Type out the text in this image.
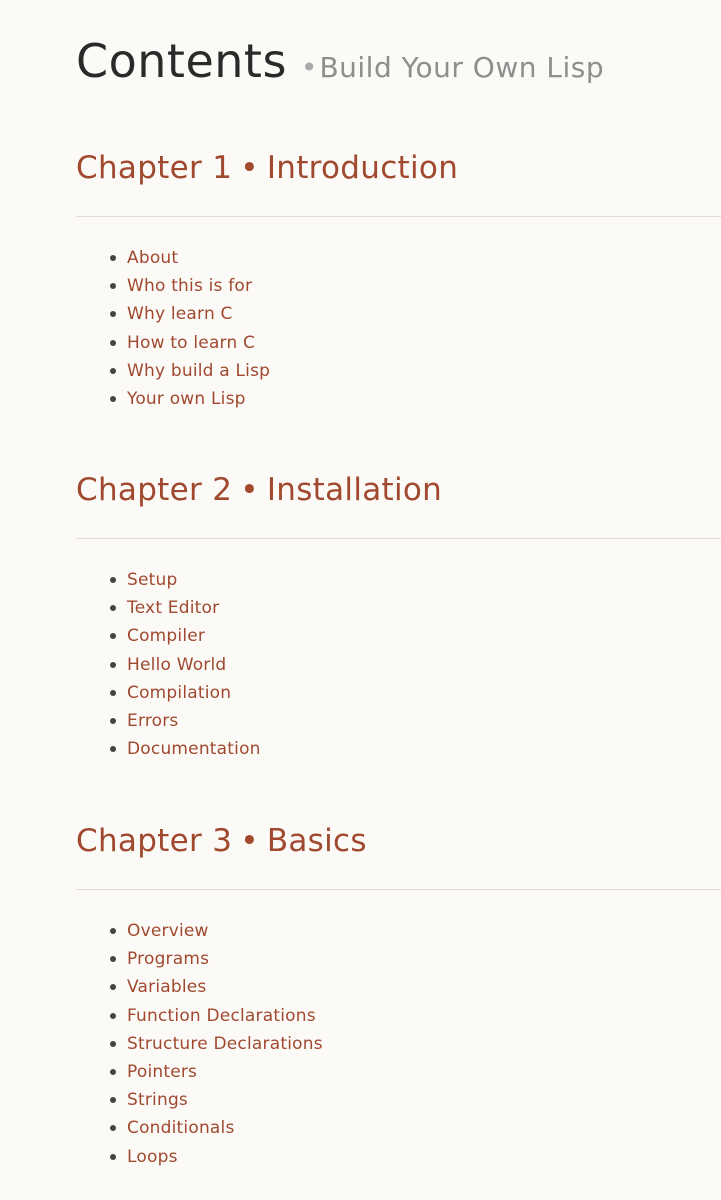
Contents •Build Your Own Lisp
Chapter 1 • Introduction
About
Who this is for
Why learn C
How to learn C
Why build a Lisp
Your own Lisp
Chapter 2 • Installation
Setup
Text Editor
Compiler
Hello World
Compilation
Errors
Documentation
Chapter 3 • Basics
Overview
Programs
Variables
Function Declarations
Structure Declarations
Pointers
Strings
Conditionals
Loops
